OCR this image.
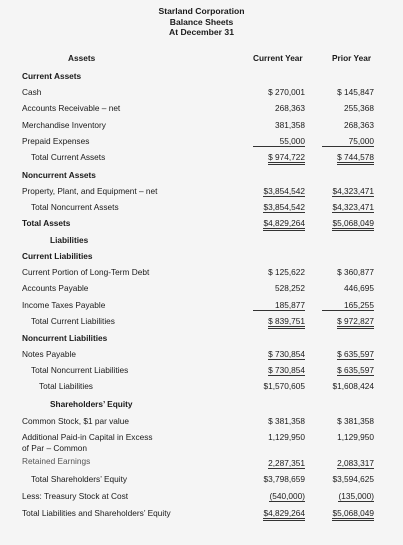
Starland Corporation
Balance Sheets
At December 31
Assets	Current Year	Prior Year
Current Assets
Cash	$ 270,001	$ 145,847
Accounts Receivable – net	268,363	255,368
Merchandise Inventory	381,358	268,363
Prepaid Expenses	55,000	75,000
Total Current Assets	$ 974,722	$ 744,578
Noncurrent Assets
Property, Plant, and Equipment – net	$3,854,542	$4,323,471
Total Noncurrent Assets	$3,854,542	$4,323,471
Total Assets	$4,829,264	$5,068,049
Liabilities
Current Liabilities
Current Portion of Long-Term Debt	$ 125,622	$ 360,877
Accounts Payable	528,252	446,695
Income Taxes Payable	185,877	165,255
Total Current Liabilities	$ 839,751	$ 972,827
Noncurrent Liabilities
Notes Payable	$ 730,854	$ 635,597
Total Noncurrent Liabilities	$ 730,854	$ 635,597
Total Liabilities	$1,570,605	$1,608,424
Shareholders’ Equity
Common Stock, $1 par value	$ 381,358	$ 381,358
Additional Paid-in Capital in Excess
of Par – Common
1,129,950	1,129,950
Retained Earnings	2,287,351	2,083,317
Total Shareholders’ Equity	$3,798,659	$3,594,625
Less: Treasury Stock at Cost	(540,000)	(135,000)
Total Liabilities and Shareholders’ Equity	$4,829,264	$5,068,049
